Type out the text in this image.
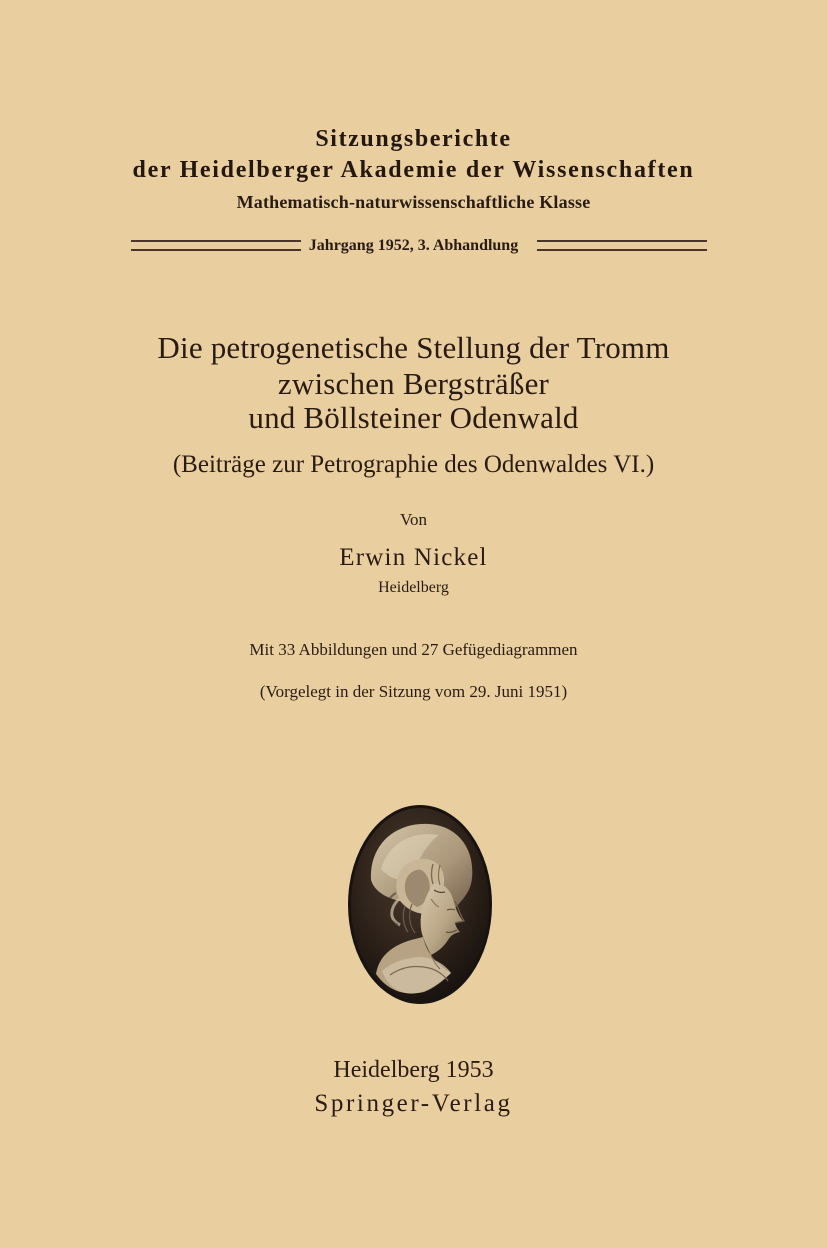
Sitzungsberichte
der Heidelberger Akademie der Wissenschaften
Mathematisch-naturwissenschaftliche Klasse
Jahrgang 1952, 3. Abhandlung
Die petrogenetische Stellung der Tromm
zwischen Bergsträßer
und Böllsteiner Odenwald
(Beiträge zur Petrographie des Odenwaldes VI.)
Von
Erwin Nickel
Heidelberg
Mit 33 Abbildungen und 27 Gefügediagrammen
(Vorgelegt in der Sitzung vom 29. Juni 1951)
Heidelberg 1953
Springer-Verlag
